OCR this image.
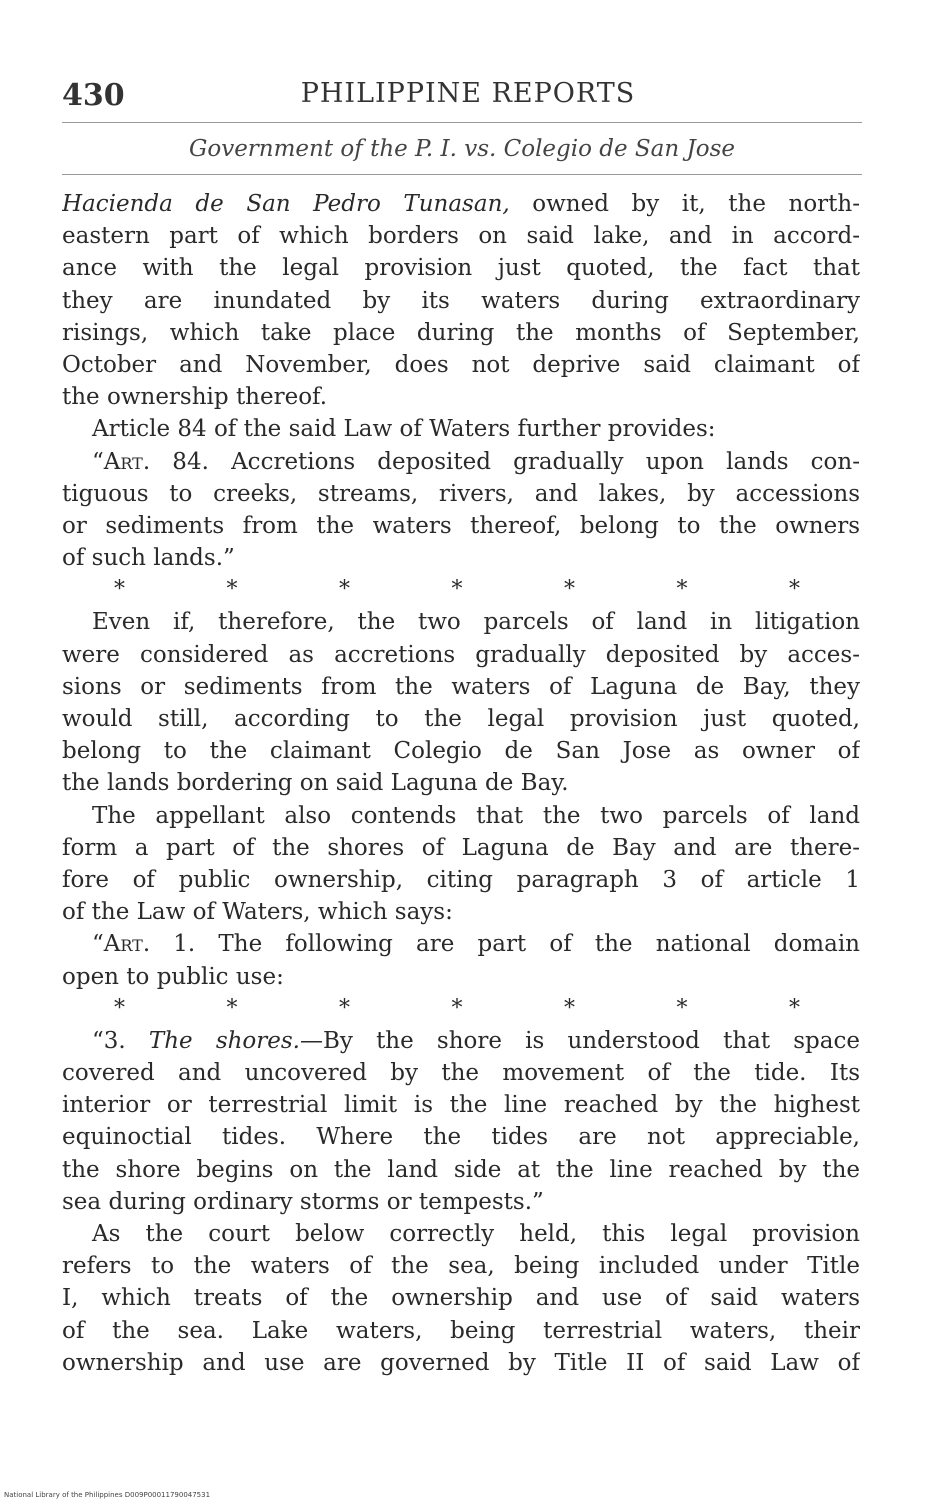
430	PHILIPPINE REPORTS
Government of the P. I. vs. Colegio de San Jose
Hacienda de San Pedro Tunasan, owned by it, the north-
eastern part of which borders on said lake, and in accord-
ance with the legal provision just quoted, the fact that
they are inundated by its waters during extraordinary
risings, which take place during the months of September,
October and November, does not deprive said claimant of
the ownership thereof.
Article 84 of the said Law of Waters further provides:
“Art. 84. Accretions deposited gradually upon lands con-
tiguous to creeks, streams, rivers, and lakes, by accessions
or sediments from the waters thereof, belong to the owners
of such lands.”
*	*	*	*	*	*	*
Even if, therefore, the two parcels of land in litigation
were considered as accretions gradually deposited by acces-
sions or sediments from the waters of Laguna de Bay, they
would still, according to the legal provision just quoted,
belong to the claimant Colegio de San Jose as owner of
the lands bordering on said Laguna de Bay.
The appellant also contends that the two parcels of land
form a part of the shores of Laguna de Bay and are there-
fore of public ownership, citing paragraph 3 of article 1
of the Law of Waters, which says:
“Art. 1. The following are part of the national domain
open to public use:
*	*	*	*	*	*	*
“3. The shores.—By the shore is understood that space
covered and uncovered by the movement of the tide. Its
interior or terrestrial limit is the line reached by the highest
equinoctial tides. Where the tides are not appreciable,
the shore begins on the land side at the line reached by the
sea during ordinary storms or tempests.”
As the court below correctly held, this legal provision
refers to the waters of the sea, being included under Title
I, which treats of the ownership and use of said waters
of the sea. Lake waters, being terrestrial waters, their
ownership and use are governed by Title II of said Law of
National Library of the Philippines D009P00011790047531
